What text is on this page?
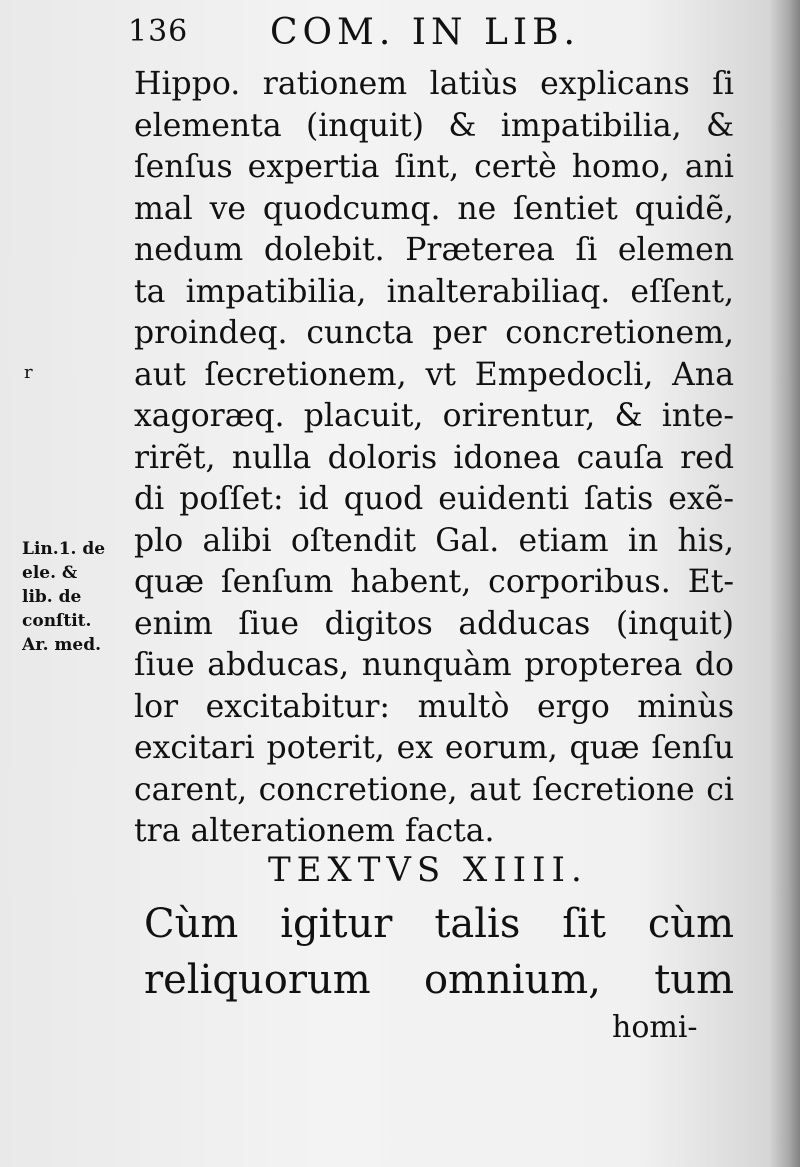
136 COM. IN LIB.
r
Hippo. rationem latiùs explicans ſi
elementa (inquit) & impatibilia, &
ſenſus expertia ſint, certè homo, ani
mal ve quodcumq. ne ſentiet quidẽ,
nedum dolebit. Præterea ſi elemen
ta impatibilia, inalterabiliaq. eſſent,
proindeq. cuncta per concretionem,
aut ſecretionem, vt Empedocli, Ana
xagoræq. placuit, orirentur, & inte-
rirẽt, nulla doloris idonea cauſa red
di poſſet: id quod euidenti ſatis exẽ-
plo alibi oſtendit Gal. etiam in his,
quæ ſenſum habent, corporibus. Et-
enim ſiue digitos adducas (inquit)
ſiue abducas, nunquàm propterea do
lor excitabitur: multò ergo minùs
excitari poterit, ex eorum, quæ ſenſu
carent, concretione, aut ſecretione ci
tra alterationem facta.
Lin.1. de
ele. &
lib. de
conſtit.
Ar. med.
TEXTVS XIIII.
Cùm igitur talis ſit cùm
reliquorum omnium, tum
homi-
